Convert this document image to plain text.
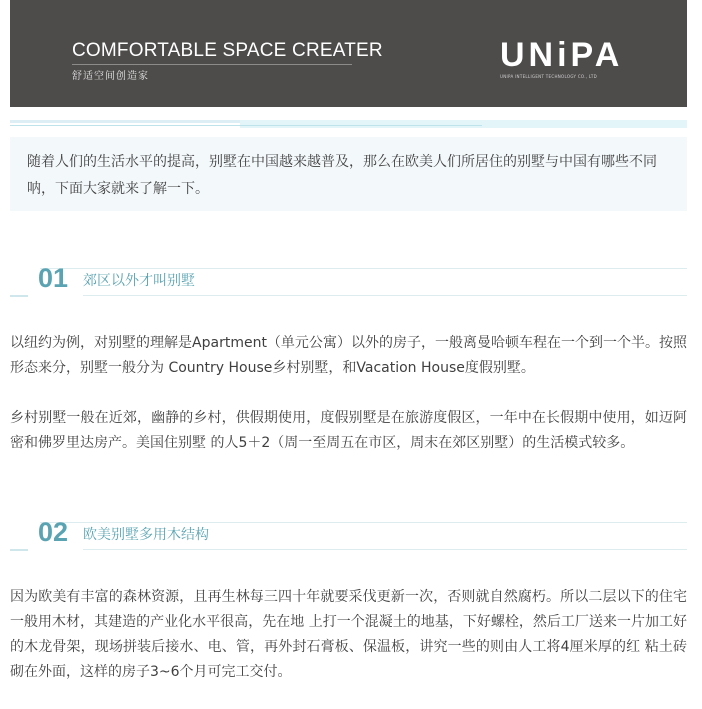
COMFORTABLE SPACE CREATER
舒适空间创造家
UNiPA
UNIPA INTELLIGENT TECHNOLOGY CO., LTD
随着人们的生活水平的提高，别墅在中国越来越普及，那么在欧美人们所居住的别墅与中国有哪些不同呐，下面大家就来了解一下。
01 郊区以外才叫别墅
以纽约为例，对别墅的理解是Apartment（单元公寓）以外的房子，一般离曼哈顿车程在一个到一个半。按照形态来分，别墅一般分为 Country House乡村别墅，和Vacation House度假别墅。
乡村别墅一般在近郊，幽静的乡村，供假期使用，度假别墅是在旅游度假区，一年中在长假期中使用，如迈阿密和佛罗里达房产。美国住别墅 的人5＋2（周一至周五在市区，周末在郊区别墅）的生活模式较多。
02 欧美别墅多用木结构
因为欧美有丰富的森林资源，且再生林每三四十年就要采伐更新一次，否则就自然腐朽。所以二层以下的住宅一般用木材，其建造的产业化水平很高，先在地 上打一个混凝土的地基，下好螺栓，然后工厂送来一片加工好的木龙骨架，现场拼装后接水、电、管，再外封石膏板、保温板，讲究一些的则由人工将4厘米厚的红 粘土砖砌在外面，这样的房子3~6个月可完工交付。
